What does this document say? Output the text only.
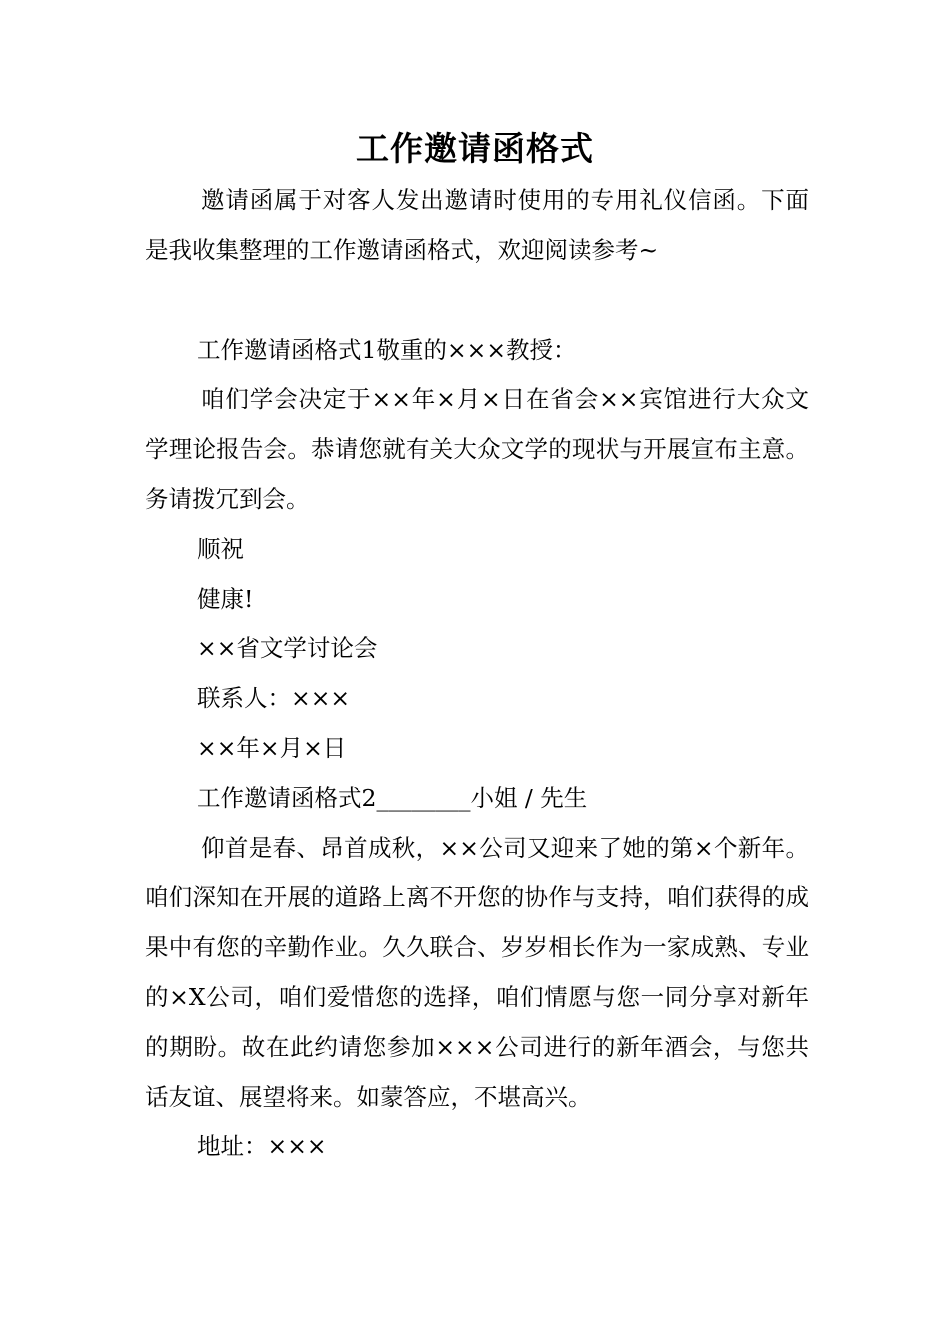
工作邀请函格式

邀请函属于对客人发出邀请时使用的专用礼仪信函。下面是我收集整理的工作邀请函格式，欢迎阅读参考~

工作邀请函格式1敬重的×××教授：

咱们学会决定于××年×月×日在省会××宾馆进行大众文学理论报告会。恭请您就有关大众文学的现状与开展宣布主意。务请拨冗到会。

顺祝

健康!

××省文学讨论会

联系人：×××

××年×月×日

工作邀请函格式2________小姐 / 先生

仰首是春、昂首成秋，××公司又迎来了她的第×个新年。咱们深知在开展的道路上离不开您的协作与支持，咱们获得的成果中有您的辛勤作业。久久联合、岁岁相长作为一家成熟、专业的×X公司，咱们爱惜您的选择，咱们情愿与您一同分享对新年的期盼。故在此约请您参加×××公司进行的新年酒会，与您共话友谊、展望将来。如蒙答应，不堪高兴。

地址：×××
